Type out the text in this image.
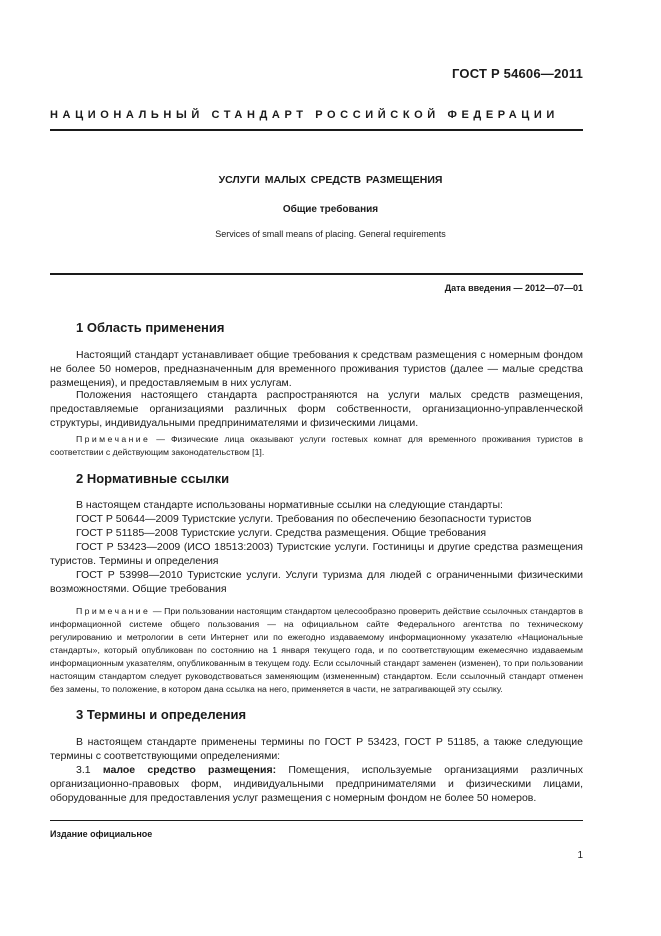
ГОСТ Р 54606—2011
НАЦИОНАЛЬНЫЙ СТАНДАРТ РОССИЙСКОЙ ФЕДЕРАЦИИ
УСЛУГИ МАЛЫХ СРЕДСТВ РАЗМЕЩЕНИЯ
Общие требования
Services of small means of placing. General requirements
Дата введения — 2012—07—01
1 Область применения

Настоящий стандарт устанавливает общие требования к средствам размещения с номерным фондом не более 50 номеров, предназначенным для временного проживания туристов (далее — малые средства размещения), и предоставляемым в них услугам.

Положения настоящего стандарта распространяются на услуги малых средств размещения, предоставляемые организациями различных форм собственности, организационно-управленческой структуры, индивидуальными предпринимателями и физическими лицами.

Примечание — Физические лица оказывают услуги гостевых комнат для временного проживания туристов в соответствии с действующим законодательством [1].

2 Нормативные ссылки
В настоящем стандарте использованы нормативные ссылки на следующие стандарты:
ГОСТ Р 50644—2009 Туристские услуги. Требования по обеспечению безопасности туристов
ГОСТ Р 51185—2008 Туристские услуги. Средства размещения. Общие требования

ГОСТ Р 53423—2009 (ИСО 18513:2003) Туристские услуги. Гостиницы и другие средства размещения туристов. Термины и определения

ГОСТ Р 53998—2010 Туристские услуги. Услуги туризма для людей с ограниченными физическими возможностями. Общие требования

Примечание — При пользовании настоящим стандартом целесообразно проверить действие ссылочных стандартов в информационной системе общего пользования — на официальном сайте Федерального агентства по техническому регулированию и метрологии в сети Интернет или по ежегодно издаваемому информационному указателю «Национальные стандарты», который опубликован по состоянию на 1 января текущего года, и по соответствующим ежемесячно издаваемым информационным указателям, опубликованным в текущем году. Если ссылочный стандарт заменен (изменен), то при пользовании настоящим стандартом следует руководствоваться заменяющим (измененным) стандартом. Если ссылочный стандарт отменен без замены, то положение, в котором дана ссылка на него, применяется в части, не затрагивающей эту ссылку.

3 Термины и определения

В настоящем стандарте применены термины по ГОСТ Р 53423, ГОСТ Р 51185, а также следующие термины с соответствующими определениями:

3.1 малое средство размещения: Помещения, используемые организациями различных организационно-правовых форм, индивидуальными предпринимателями и физическими лицами, оборудованные для предоставления услуг размещения с номерным фондом не более 50 номеров.

Издание официальное
1
